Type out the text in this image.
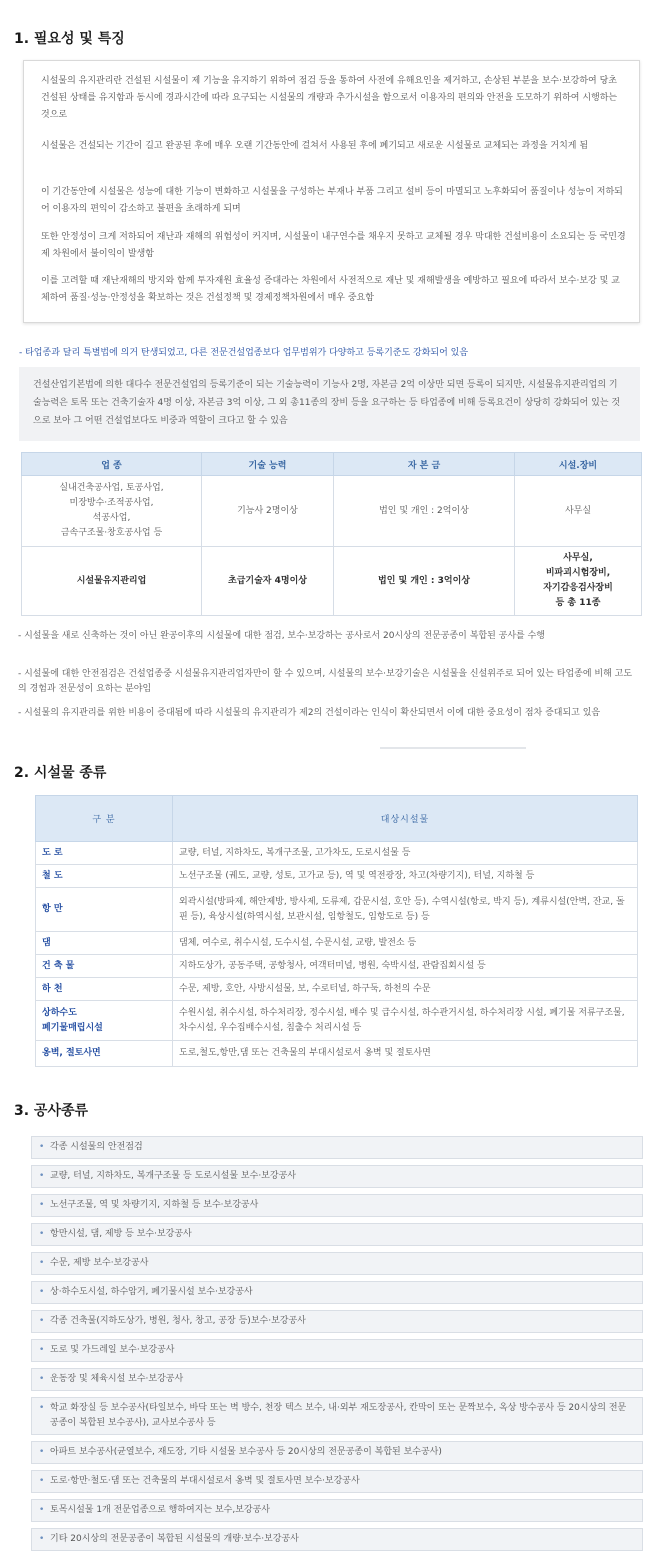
1. 필요성 및 특징

시설물의 유지관리란 건설된 시설물이 제 기능을 유지하기 위하여 점검 등을 통하여 사전에 유해요인을 제거하고, 손상된 부분을 보수·보강하여 당초 건설된 상태를 유지함과 동시에 경과시간에 따라 요구되는 시설물의 개량과 추가시설을 함으로서 이용자의 편의와 안전을 도모하기 위하여 시행하는 것으로

시설물은 건설되는 기간이 길고 완공된 후에 매우 오랜 기간동안에 걸쳐서 사용된 후에 폐기되고 새로운 시설물로 교체되는 과정을 거치게 됨

이 기간동안에 시설물은 성능에 대한 기능이 변화하고 시설물을 구성하는 부재나 부품 그리고 설비 등이 마멸되고 노후화되어 품질이나 성능이 저하되어 이용자의 편익이 감소하고 불편을 초래하게 되며

또한 안정성이 크게 저하되어 재난과 재해의 위험성이 커지며, 시설물이 내구연수를 채우지 못하고 교체될 경우 막대한 건설비용이 소요되는 등 국민경제 차원에서 불이익이 발생함

이를 고려할 때 재난재해의 방지와 함께 투자재원 효율성 증대라는 차원에서 사전적으로 재난 및 재해발생을 예방하고 필요에 따라서 보수·보강 및 교체하여 품질·성능·안정성을 확보하는 것은 건설정책 및 경제정책차원에서 매우 중요함

- 타업종과 달리 특별법에 의거 탄생되었고, 다른 전문건설업종보다 업무범위가 다양하고 등록기준도 강화되어 있음
건설산업기본법에 의한 대다수 전문건설업의 등록기준이 되는 기술능력이 기능사 2명, 자본금 2억 이상만 되면 등록이 되지만, 시설물유지관리업의 기술능력은 토목 또는 건축기술자 4명 이상, 자본금 3억 이상, 그 외 총11종의 장비 등을 요구하는 등 타업종에 비해 등록요건이 상당히 강화되어 있는 것으로 보아 그 어떤 건설업보다도 비중과 역할이 크다고 할 수 있음
업 종	기술 능력	자 본 금	시설.장비
실내건축공사업, 토공사업,
미장방수·조적공사업,
석공사업,
금속구조물·창호공사업 등	기능사 2명이상	법인 및 개인 : 2억이상	사무실
시설물유지관리업	초급기술자 4명이상	법인 및 개인 : 3억이상	사무실,
비파괴시험장비,
자기감응검사장비
등 총 11종

- 시설물을 새로 신축하는 것이 아닌 완공이후의 시설물에 대한 점검, 보수·보강하는 공사로서 20시상의 전문공종이 복합된 공사를 수행

- 시설물에 대한 안전점검은 건설업종중 시설물유지관리업자만이 할 수 있으며, 시설물의 보수·보강기술은 시설물을 신설위주로 되어 있는 타업종에 비해 고도의 경험과 전문성이 요하는 분야임

- 시설물의 유지관리를 위한 비용이 증대됨에 따라 시설물의 유지관리가 제2의 건설이라는 인식이 확산되면서 이에 대한 중요성이 점차 증대되고 있음

2. 시설물 종류
구 분	대상시설물
도 로	교량, 터널, 지하차도, 복개구조물, 고가차도, 도로시설물 등
철 도	노선구조물 (궤도, 교량, 성토, 고가교 등), 역 및 역전광장, 차고(차량기지), 터널, 지하철 등
항 만	외곽시설(방파제, 해안제방, 방사제, 도류제, 갑문시설, 호안 등), 수역시설(항로, 박지 등), 계류시설(안벽, 잔교, 돌핀 등), 육상시설(하역시설, 보관시설, 임항철도, 임항도로 등) 등
댐	댐체, 여수로, 취수시설, 도수시설, 수문시설, 교량, 발전소 등
건 축 물	지하도상가, 공동주택, 공항청사, 여객터미널, 병원, 숙박시설, 관람집회시설 등
하 천	수문, 제방, 호안, 사방시설물, 보, 수로터널, 하구둑, 하천의 수문
상하수도
폐기물매립시설	수원시설, 취수시설, 하수처리장, 정수시설, 배수 및 급수시설, 하수관거시설, 하수처리장 시설, 폐기물 저류구조물, 차수시설, 우수집배수시설, 침출수 처리시설 등
옹벽, 절토사면	도로,철도,항만,댐 또는 건축물의 부대시설로서 옹벽 및 절토사면
3. 공사종류
• 각종 시설물의 안전점검
• 교량, 터널, 지하차도, 복개구조물 등 도로시설물 보수·보강공사
• 노선구조물, 역 및 차량기지, 지하철 등 보수·보강공사
• 항만시설, 댐, 제방 등 보수·보강공사
• 수문, 제방 보수·보강공사
• 상·하수도시설, 하수암거, 폐기물시설 보수·보강공사
• 각종 건축물(지하도상가, 병원, 청사, 창고, 공장 등)보수·보강공사
• 도로 및 가드레일 보수·보강공사
• 운동장 및 체육시설 보수·보강공사
• 학교 화장실 등 보수공사(타일보수, 바닥 또는 벽 방수, 천장 텍스 보수, 내·외부 재도장공사, 칸막이 또는 문짝보수, 옥상 방수공사 등 20시상의 전문공종이 복합된 보수공사), 교사보수공사 등
• 아파트 보수공사(균열보수, 재도장, 기타 시설물 보수공사 등 20시상의 전문공종이 복합된 보수공사)
• 도로·항만·철도·댐 또는 건축물의 부대시설로서 옹벽 및 절토사면 보수·보강공사
• 토목시설물 1개 전문업종으로 행하여지는 보수,보강공사
• 기타 20시상의 전문공종이 복합된 시설물의 개량·보수·보강공사
